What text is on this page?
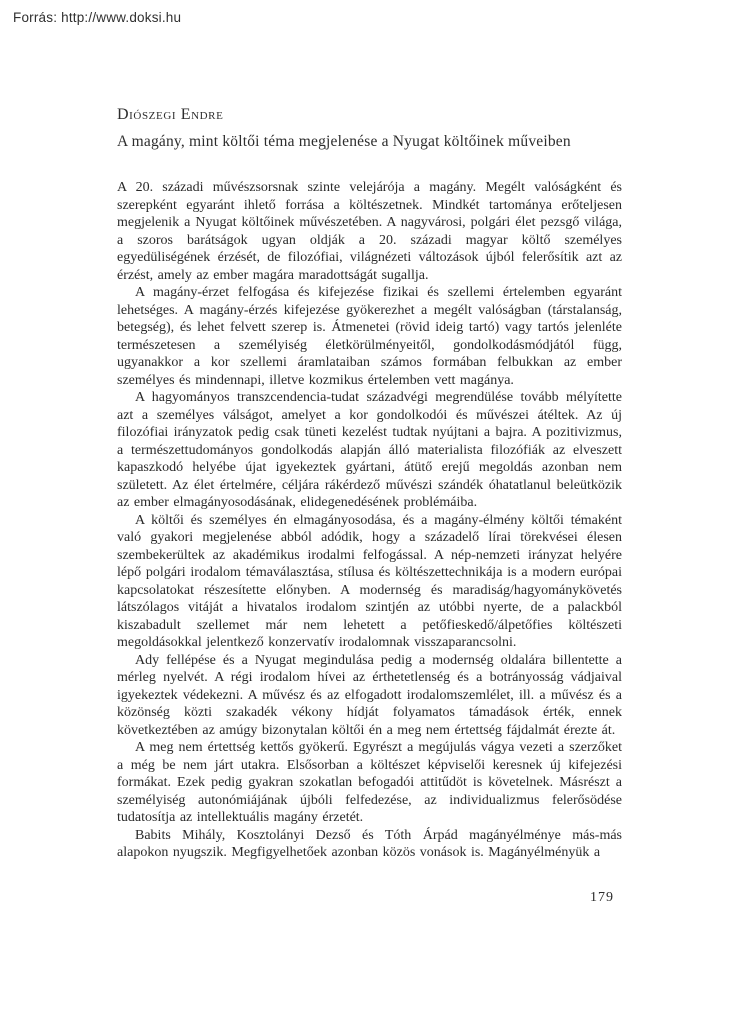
Forrás: http://www.doksi.hu
Diószegi Endre
A magány, mint költői téma megjelenése a Nyugat költőinek műveiben

A 20. századi művészsorsnak szinte velejárója a magány. Megélt valóságként és szerepként egyaránt ihlető forrása a költészetnek. Mindkét tartománya erőteljesen megjelenik a Nyugat költőinek művészetében. A nagyvárosi, polgári élet pezsgő világa, a szoros barátságok ugyan oldják a 20. századi magyar költő személyes egyedüliségének érzését, de filozófiai, világnézeti változások újból felerősítik azt az érzést, amely az ember magára maradottságát sugallja.

A magány-érzet felfogása és kifejezése fizikai és szellemi értelemben egyaránt lehetséges. A magány-érzés kifejezése gyökerezhet a megélt valóságban (társtalanság, betegség), és lehet felvett szerep is. Átmenetei (rövid ideig tartó) vagy tartós jelenléte természetesen a személyiség életkörülményeitől, gondolkodásmódjától függ, ugyanakkor a kor szellemi áramlataiban számos formában felbukkan az ember személyes és mindennapi, illetve kozmikus értelemben vett magánya.

A hagyományos transzcendencia-tudat századvégi megrendülése tovább mélyítette azt a személyes válságot, amelyet a kor gondolkodói és művészei átéltek. Az új filozófiai irányzatok pedig csak tüneti kezelést tudtak nyújtani a bajra. A pozitivizmus, a természettudományos gondolkodás alapján álló materialista filozófiák az elveszett kapaszkodó helyébe újat igyekeztek gyártani, átütő erejű megoldás azonban nem született. Az élet értelmére, céljára rákérdező művészi szándék óhatatlanul beleütközik az ember elmagányosodásának, elidegenedésének problémáiba.

A költői és személyes én elmagányosodása, és a magány-élmény költői témaként való gyakori megjelenése abból adódik, hogy a századelő lírai törekvései élesen szembekerültek az akadémikus irodalmi felfogással. A nép-nemzeti irányzat helyére lépő polgári irodalom témaválasztása, stílusa és költészettechnikája is a modern európai kapcsolatokat részesítette előnyben. A modernség és maradiság/hagyománykövetés látszólagos vitáját a hivatalos irodalom szintjén az utóbbi nyerte, de a palackból kiszabadult szellemet már nem lehetett a petőfieskedő/álpetőfies költészeti megoldásokkal jelentkező konzervatív irodalomnak visszaparancsolni.

Ady fellépése és a Nyugat megindulása pedig a modernség oldalára billentette a mérleg nyelvét. A régi irodalom hívei az érthetetlenség és a botrányosság vádjaival igyekeztek védekezni. A művész és az elfogadott irodalomszemlélet, ill. a művész és a közönség közti szakadék vékony hídját folyamatos támadások érték, ennek következtében az amúgy bizonytalan költői én a meg nem értettség fájdalmát érezte át.

A meg nem értettség kettős gyökerű. Egyrészt a megújulás vágya vezeti a szerzőket a még be nem járt utakra. Elsősorban a költészet képviselői keresnek új kifejezési formákat. Ezek pedig gyakran szokatlan befogadói attitűdöt is követelnek. Másrészt a személyiség autonómiájának újbóli felfedezése, az individualizmus felerősödése tudatosítja az intellektuális magány érzetét.

Babits Mihály, Kosztolányi Dezső és Tóth Árpád magányélménye más-más alapokon nyugszik. Megfigyelhetőek azonban közös vonások is. Magányélményük a

179
